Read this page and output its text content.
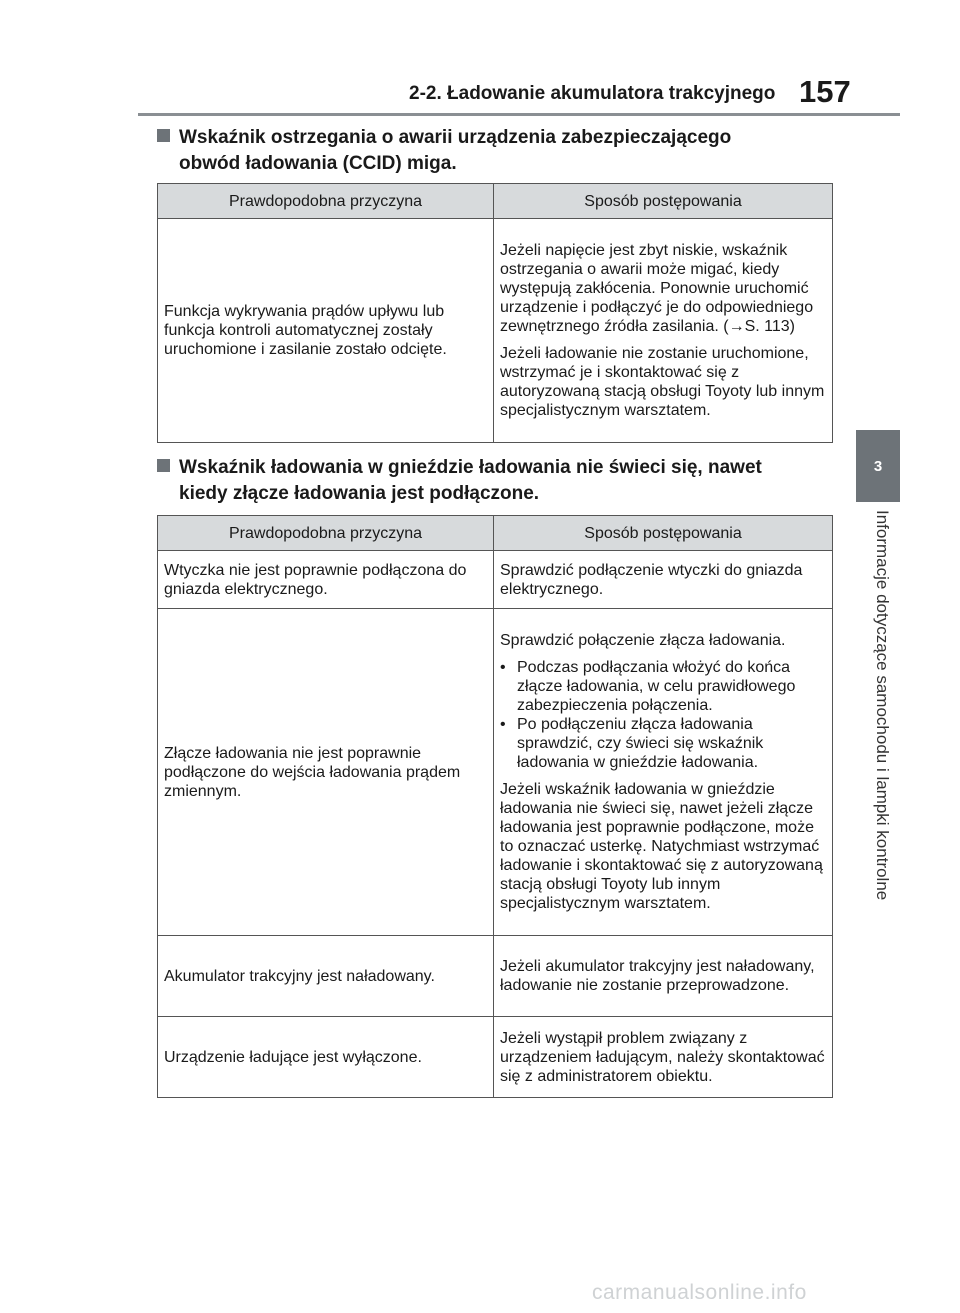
2-2. Ładowanie akumulatora trakcyjnego 157
3
Informacje dotyczące samochodu i lampki kontrolne
Wskaźnik ostrzegania o awarii urządzenia zabezpieczającego
obwód ładowania (CCID) miga.
Prawdopodobna przyczyna	Sposób postępowania

Funkcja wykrywania prądów upływu lub funkcja kontroli automatycznej zostały uruchomione i zasilanie zostało odcięte.	Jeżeli napięcie jest zbyt niskie, wskaźnik ostrzegania o awarii może migać, kiedy występują zakłócenia. Ponownie uruchomić urządzenie i podłączyć je do odpowiedniego zewnętrznego źródła zasilania. (→S. 113)

Jeżeli ładowanie nie zostanie uruchomione, wstrzymać je i skontaktować się z autoryzowaną stacją obsługi Toyoty lub innym specjalistycznym warsztatem.

Wskaźnik ładowania w gnieździe ładowania nie świeci się, nawet
kiedy złącze ładowania jest podłączone.
Prawdopodobna przyczyna	Sposób postępowania

Wtyczka nie jest poprawnie podłączona do gniazda elektrycznego.	Sprawdzić podłączenie wtyczki do gniazda elektrycznego.

Złącze ładowania nie jest poprawnie podłączone do wejścia ładowania prądem zmiennym.	Sprawdzić połączenie złącza ładowania.

• Podczas podłączania włożyć do końca złącze ładowania, w celu prawidłowego zabezpieczenia połączenia.
• Po podłączeniu złącza ładowania sprawdzić, czy świeci się wskaźnik ładowania w gnieździe ładowania.

Jeżeli wskaźnik ładowania w gnieździe ładowania nie świeci się, nawet jeżeli złącze ładowania jest poprawnie podłączone, może to oznaczać usterkę. Natychmiast wstrzymać ładowanie i skontaktować się z autoryzowaną stacją obsługi Toyoty lub innym specjalistycznym warsztatem.

Akumulator trakcyjny jest naładowany.	Jeżeli akumulator trakcyjny jest naładowany, ładowanie nie zostanie przeprowadzone.

Urządzenie ładujące jest wyłączone.	Jeżeli wystąpił problem związany z urządzeniem ładującym, należy skontaktować się z administratorem obiektu.

carmanualsonline.info
